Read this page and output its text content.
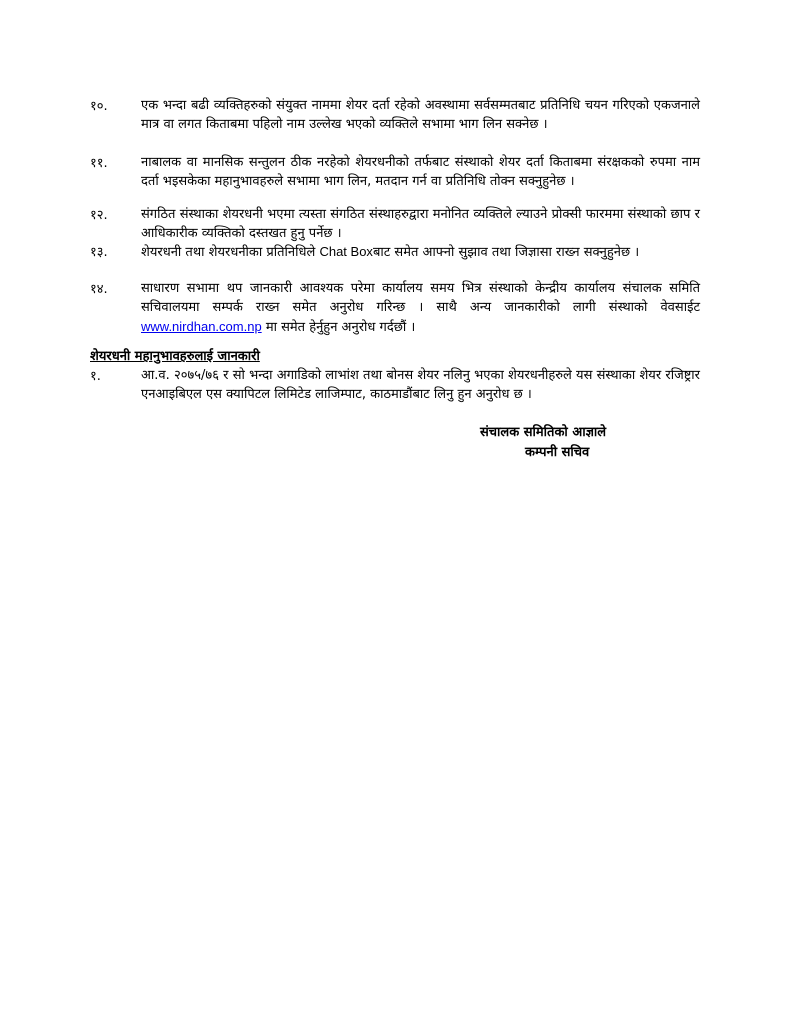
१०.	एक भन्दा बढी व्यक्तिहरुको संयुक्त नाममा शेयर दर्ता रहेको अवस्थामा सर्वसम्मतबाट प्रतिनिधि चयन गरिएको एकजनाले मात्र वा लगत किताबमा पहिलो नाम उल्लेख भएको व्यक्तिले सभामा भाग लिन सक्नेछ ।
११.	नाबालक वा मानसिक सन्तुलन ठीक नरहेको शेयरधनीको तर्फबाट संस्थाको शेयर दर्ता किताबमा संरक्षकको रुपमा नाम दर्ता भइसकेका महानुभावहरुले सभामा भाग लिन, मतदान गर्न वा प्रतिनिधि तोक्न सक्नुहुनेछ ।
१२.	संगठित संस्थाका शेयरधनी भएमा त्यस्ता संगठित संस्थाहरुद्वारा मनोनित व्यक्तिले ल्याउने प्रोक्सी फारममा संस्थाको छाप र आधिकारीक व्यक्तिको दस्तखत हुनु पर्नेछ ।
१३.	शेयरधनी तथा शेयरधनीका प्रतिनिधिले Chat Boxबाट समेत आफ्नो सुझाव तथा जिज्ञासा राख्न सक्नुहुनेछ ।
१४.	साधारण सभामा थप जानकारी आवश्यक परेमा कार्यालय समय भित्र संस्थाको केन्द्रीय कार्यालय संचालक समिति सचिवालयमा सम्पर्क राख्न समेत अनुरोध गरिन्छ । साथै अन्य जानकारीको लागी संस्थाको वेवसाईट www.nirdhan.com.np मा समेत हेर्नुहुन अनुरोध गर्दछौं ।
शेयरधनी महानुभावहरुलाई जानकारी
१.	आ.व. २०७५/७६ र सो भन्दा अगाडिको लाभांश तथा बोनस शेयर नलिनु भएका शेयरधनीहरुले यस संस्थाका शेयर रजिष्ट्रार एनआइबिएल एस क्यापिटल लिमिटेड लाजिम्पाट, काठमाडौंबाट लिनु हुन अनुरोध छ ।
संचालक समितिको आज्ञाले
कम्पनी सचिव
